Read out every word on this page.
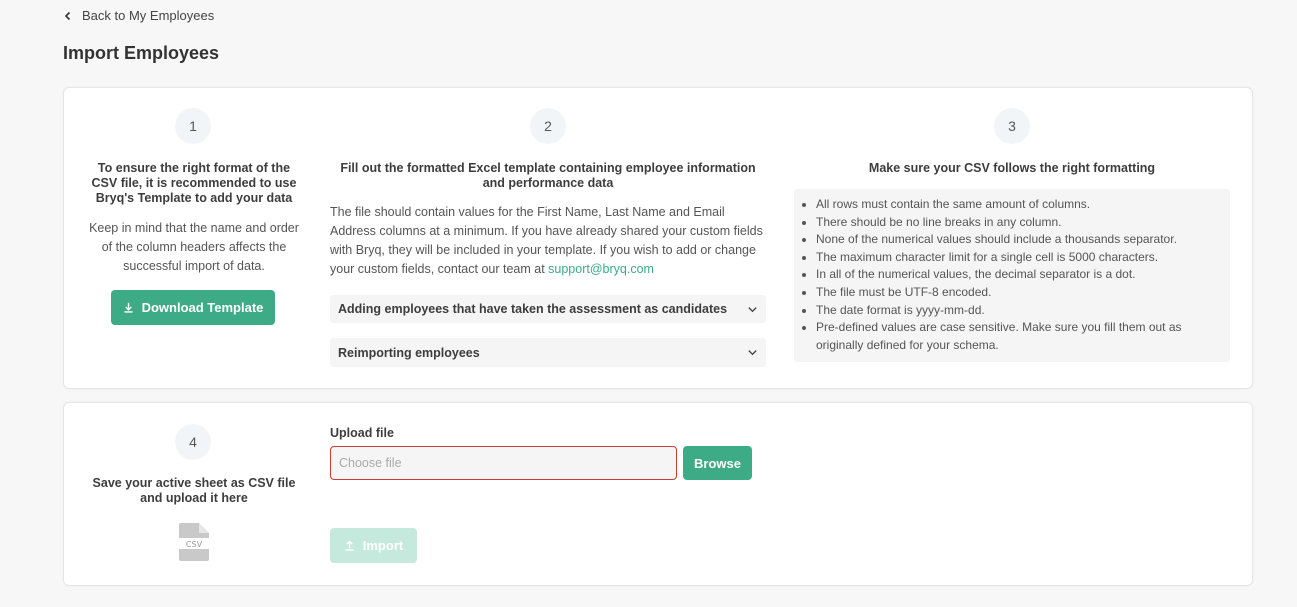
Back to My Employees
Import Employees
1
To ensure the right format of the CSV file, it is recommended to use Bryq's Template to add your data
Keep in mind that the name and order of the column headers affects the successful import of data.
Download Template
2
Fill out the formatted Excel template containing employee information and performance data
The file should contain values for the First Name, Last Name and Email Address columns at a minimum. If you have already shared your custom fields with Bryq, they will be included in your template. If you wish to add or change your custom fields, contact our team at support@bryq.com
Adding employees that have taken the assessment as candidates
Reimporting employees
3
Make sure your CSV follows the right formatting
• All rows must contain the same amount of columns.
• There should be no line breaks in any column.
• None of the numerical values should include a thousands separator.
• The maximum character limit for a single cell is 5000 characters.
• In all of the numerical values, the decimal separator is a dot.
• The file must be UTF-8 encoded.
• The date format is yyyy-mm-dd.
• Pre-defined values are case sensitive. Make sure you fill them out as originally defined for your schema.
4
Save your active sheet as CSV file and upload it here
CSV
Upload file
Choose file	Browse
Import
